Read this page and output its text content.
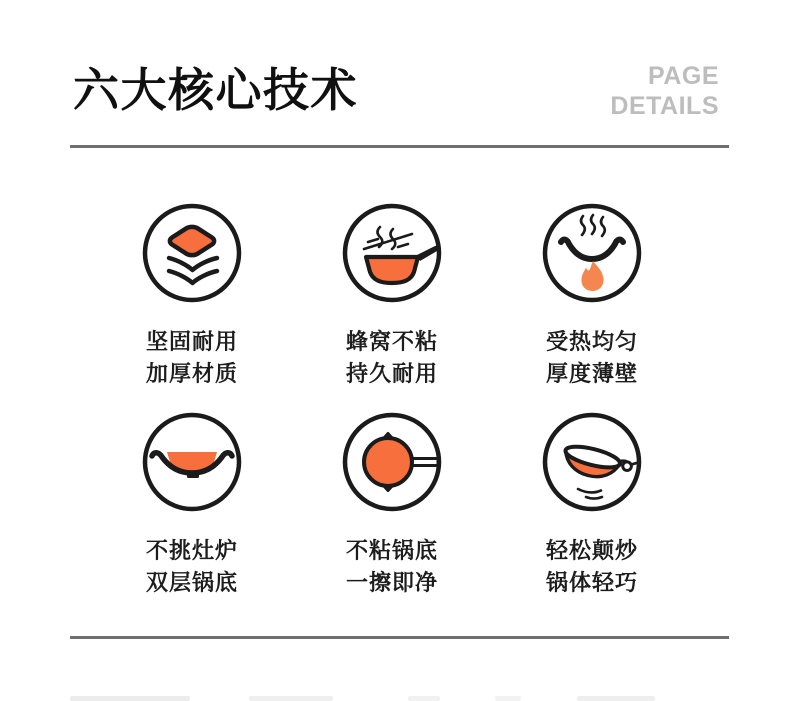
六大核心技术	PAGE
DETAILS
坚固耐用
加厚材质
蜂窝不粘
持久耐用
受热均匀
厚度薄壁
不挑灶炉
双层锅底
不粘锅底
一擦即净
轻松颠炒
锅体轻巧
